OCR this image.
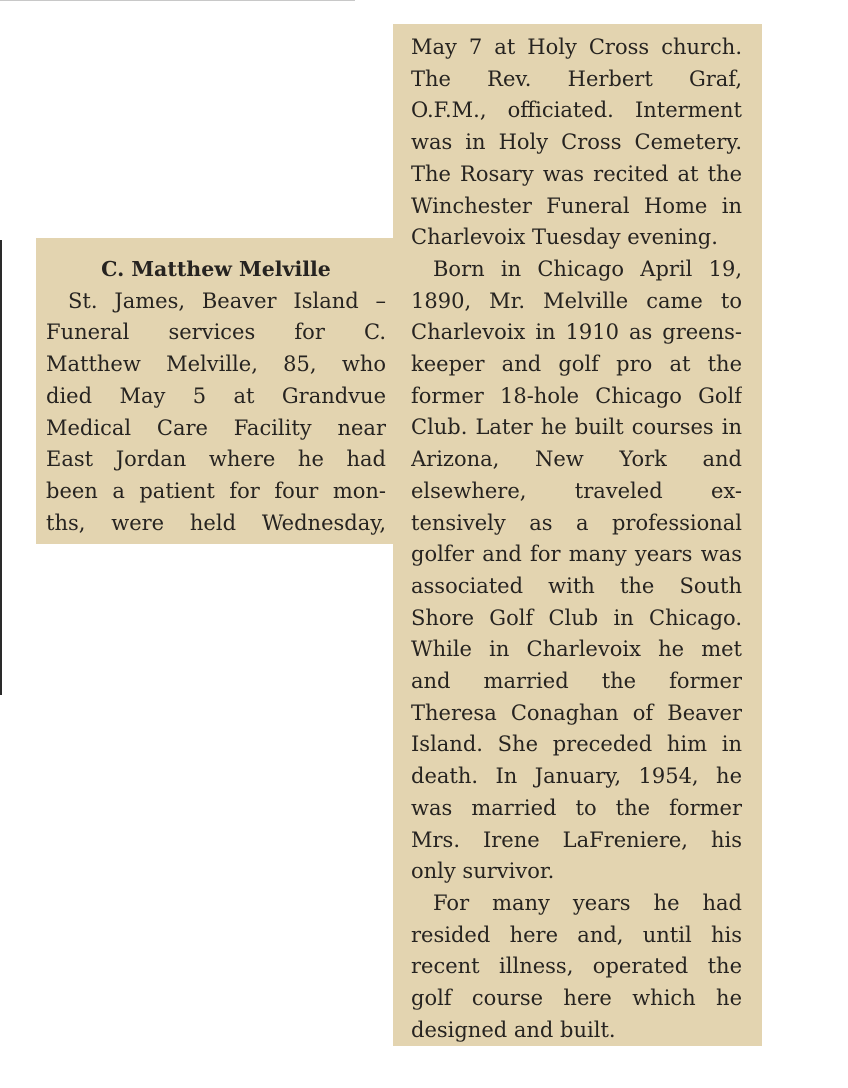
C. Matthew Melville
St. James, Beaver Island –
Funeral services for C.
Matthew Melville, 85, who
died May 5 at Grandvue
Medical Care Facility near
East Jordan where he had
been a patient for four mon-
ths, were held Wednesday,
May 7 at Holy Cross church.
The Rev. Herbert Graf,
O.F.M., officiated. Interment
was in Holy Cross Cemetery.
The Rosary was recited at the
Winchester Funeral Home in
Charlevoix Tuesday evening.
Born in Chicago April 19,
1890, Mr. Melville came to
Charlevoix in 1910 as greens-
keeper and golf pro at the
former 18-hole Chicago Golf
Club. Later he built courses in
Arizona, New York and
elsewhere, traveled ex-
tensively as a professional
golfer and for many years was
associated with the South
Shore Golf Club in Chicago.
While in Charlevoix he met
and married the former
Theresa Conaghan of Beaver
Island. She preceded him in
death. In January, 1954, he
was married to the former
Mrs. Irene LaFreniere, his
only survivor.
For many years he had
resided here and, until his
recent illness, operated the
golf course here which he
designed and built.
